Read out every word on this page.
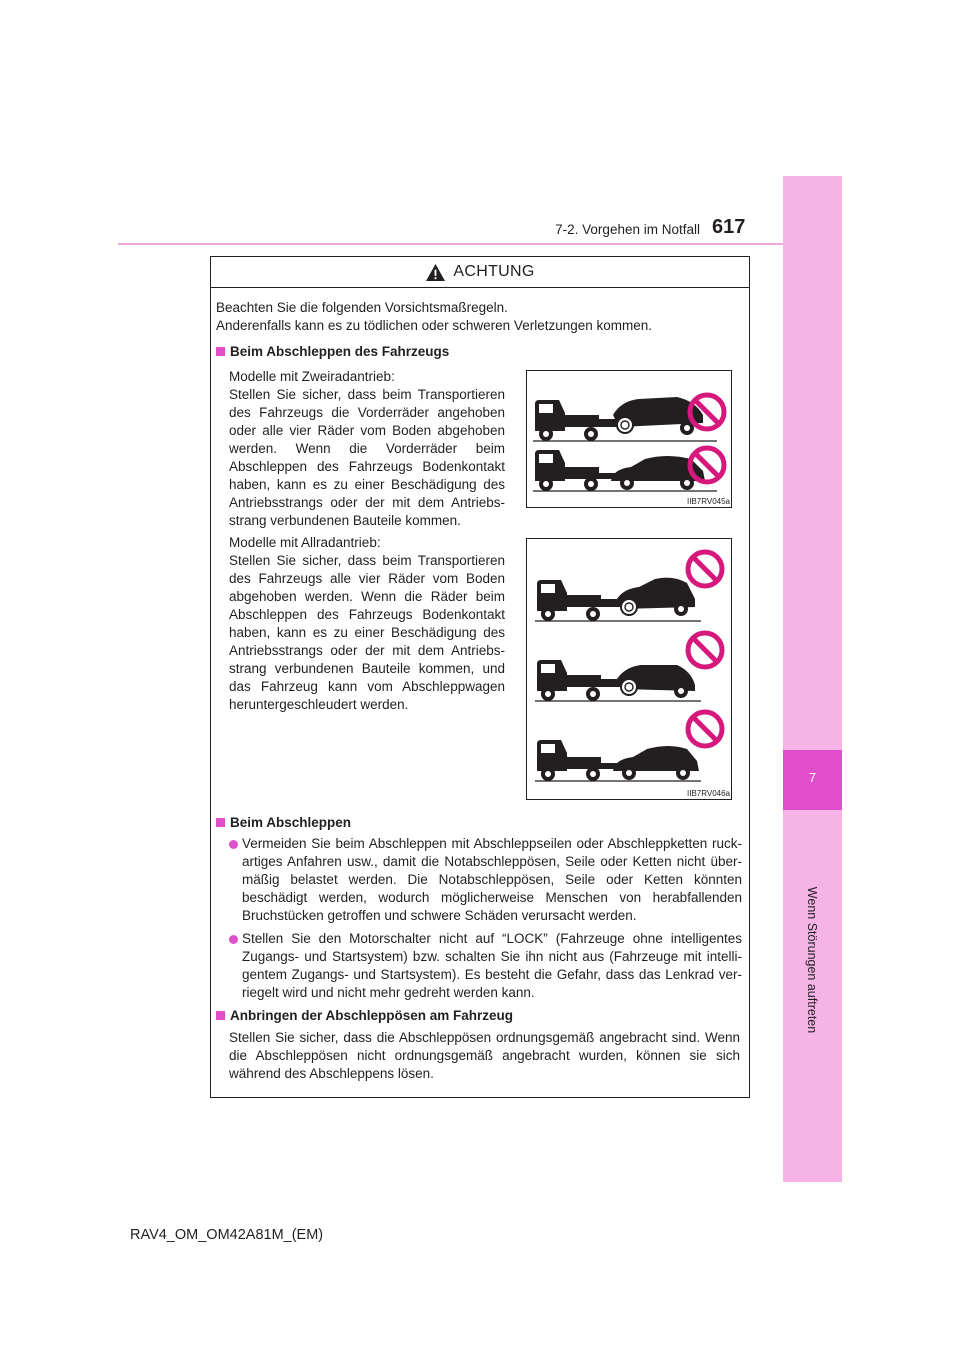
7-2. Vorgehen im Notfall 617
7
Wenn Störungen auftreten
ACHTUNG
Beachten Sie die folgenden Vorsichtsmaßregeln.
Anderenfalls kann es zu tödlichen oder schweren Verletzungen kommen.
Beim Abschleppen des Fahrzeugs
Modelle mit Zweiradantrieb:
Stellen Sie sicher, dass beim Transportieren des Fahrzeugs die Vorderräder angehoben oder alle vier Räder vom Boden abgehoben werden. Wenn die Vorderräder beim Abschleppen des Fahrzeugs Bodenkontakt haben, kann es zu einer Beschädigung des Antriebsstrangs oder der mit dem Antriebs-strang verbundenen Bauteile kommen.
IIB7RV045a
Modelle mit Allradantrieb:
Stellen Sie sicher, dass beim Transportieren des Fahrzeugs alle vier Räder vom Boden abgehoben werden. Wenn die Räder beim Abschleppen des Fahrzeugs Bodenkontakt haben, kann es zu einer Beschädigung des Antriebsstrangs oder der mit dem Antriebs-strang verbundenen Bauteile kommen, und das Fahrzeug kann vom Abschleppwagen heruntergeschleudert werden.
IIB7RV046a
Beim Abschleppen
Vermeiden Sie beim Abschleppen mit Abschleppseilen oder Abschleppketten ruck-artiges Anfahren usw., damit die Notabschleppösen, Seile oder Ketten nicht über-mäßig belastet werden. Die Notabschleppösen, Seile oder Ketten könnten beschädigt werden, wodurch möglicherweise Menschen von herabfallenden Bruchstücken getroffen und schwere Schäden verursacht werden.
Stellen Sie den Motorschalter nicht auf “LOCK” (Fahrzeuge ohne intelligentes Zugangs- und Startsystem) bzw. schalten Sie ihn nicht aus (Fahrzeuge mit intelli-gentem Zugangs- und Startsystem). Es besteht die Gefahr, dass das Lenkrad ver-riegelt wird und nicht mehr gedreht werden kann.
Anbringen der Abschleppösen am Fahrzeug
Stellen Sie sicher, dass die Abschleppösen ordnungsgemäß angebracht sind. Wenn die Abschleppösen nicht ordnungsgemäß angebracht wurden, können sie sich während des Abschleppens lösen.
RAV4_OM_OM42A81M_(EM)
